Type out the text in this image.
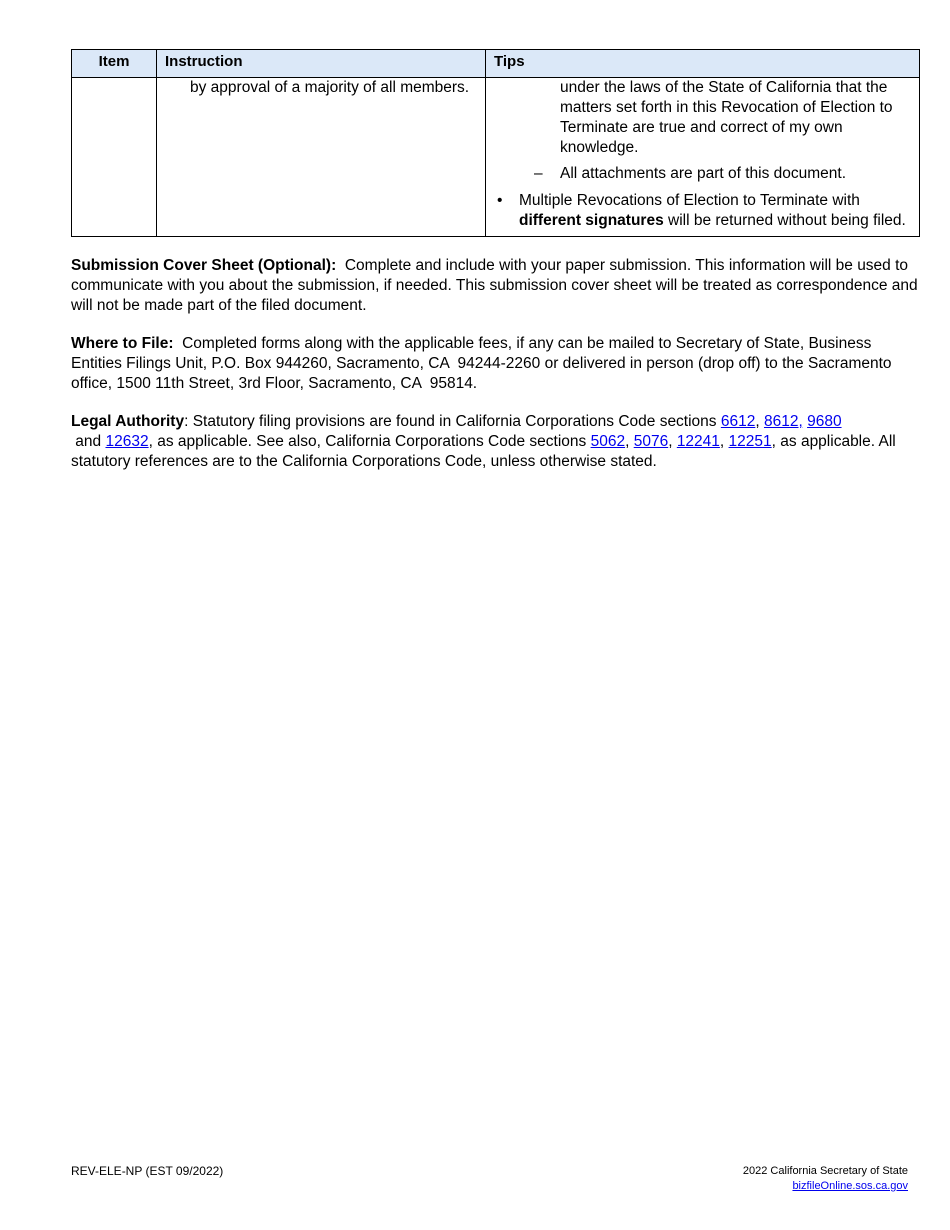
Item	Instruction	Tips

	by approval of a majority of all members.	under the laws of the State of California that the matters set forth in this Revocation of Election to Terminate are true and correct of my own knowledge.
– All attachments are part of this document.
• Multiple Revocations of Election to Terminate with different signatures will be returned without being filed.

Submission Cover Sheet (Optional):  Complete and include with your paper submission. This information will be used to communicate with you about the submission, if needed. This submission cover sheet will be treated as correspondence and will not be made part of the filed document.

Where to File:  Completed forms along with the applicable fees, if any can be mailed to Secretary of State, Business Entities Filings Unit, P.O. Box 944260, Sacramento, CA  94244-2260 or delivered in person (drop off) to the Sacramento office, 1500 11th Street, 3rd Floor, Sacramento, CA  95814.

Legal Authority: Statutory filing provisions are found in California Corporations Code sections 6612, 8612, 9680 and 12632, as applicable. See also, California Corporations Code sections 5062, 5076, 12241, 12251, as applicable. All statutory references are to the California Corporations Code, unless otherwise stated.

REV-ELE-NP (EST 09/2022)	2022 California Secretary of State
bizfileOnline.sos.ca.gov
